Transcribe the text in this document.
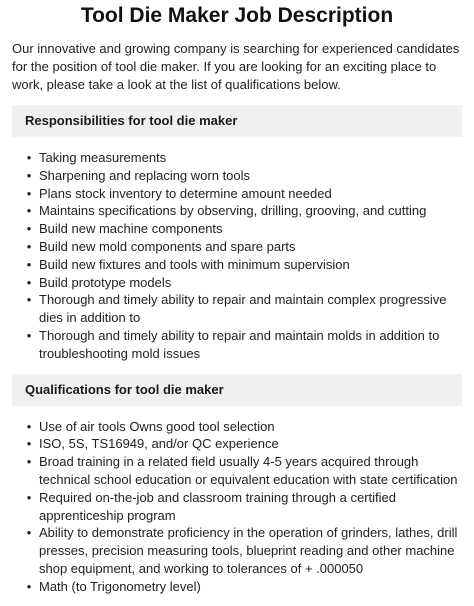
Tool Die Maker Job Description

Our innovative and growing company is searching for experienced candidates for the position of tool die maker. If you are looking for an exciting place to work, please take a look at the list of qualifications below.

Responsibilities for tool die maker
• Taking measurements
• Sharpening and replacing worn tools
• Plans stock inventory to determine amount needed
• Maintains specifications by observing, drilling, grooving, and cutting
• Build new machine components
• Build new mold components and spare parts
• Build new fixtures and tools with minimum supervision
• Build prototype models
• Thorough and timely ability to repair and maintain complex progressive dies in addition to
• Thorough and timely ability to repair and maintain molds in addition to troubleshooting mold issues
Qualifications for tool die maker
• Use of air tools Owns good tool selection
• ISO, 5S, TS16949, and/or QC experience
• Broad training in a related field usually 4-5 years acquired through technical school education or equivalent education with state certification
• Required on-the-job and classroom training through a certified apprenticeship program
• Ability to demonstrate proficiency in the operation of grinders, lathes, drill presses, precision measuring tools, blueprint reading and other machine shop equipment, and working to tolerances of + .000050
• Math (to Trigonometry level)
